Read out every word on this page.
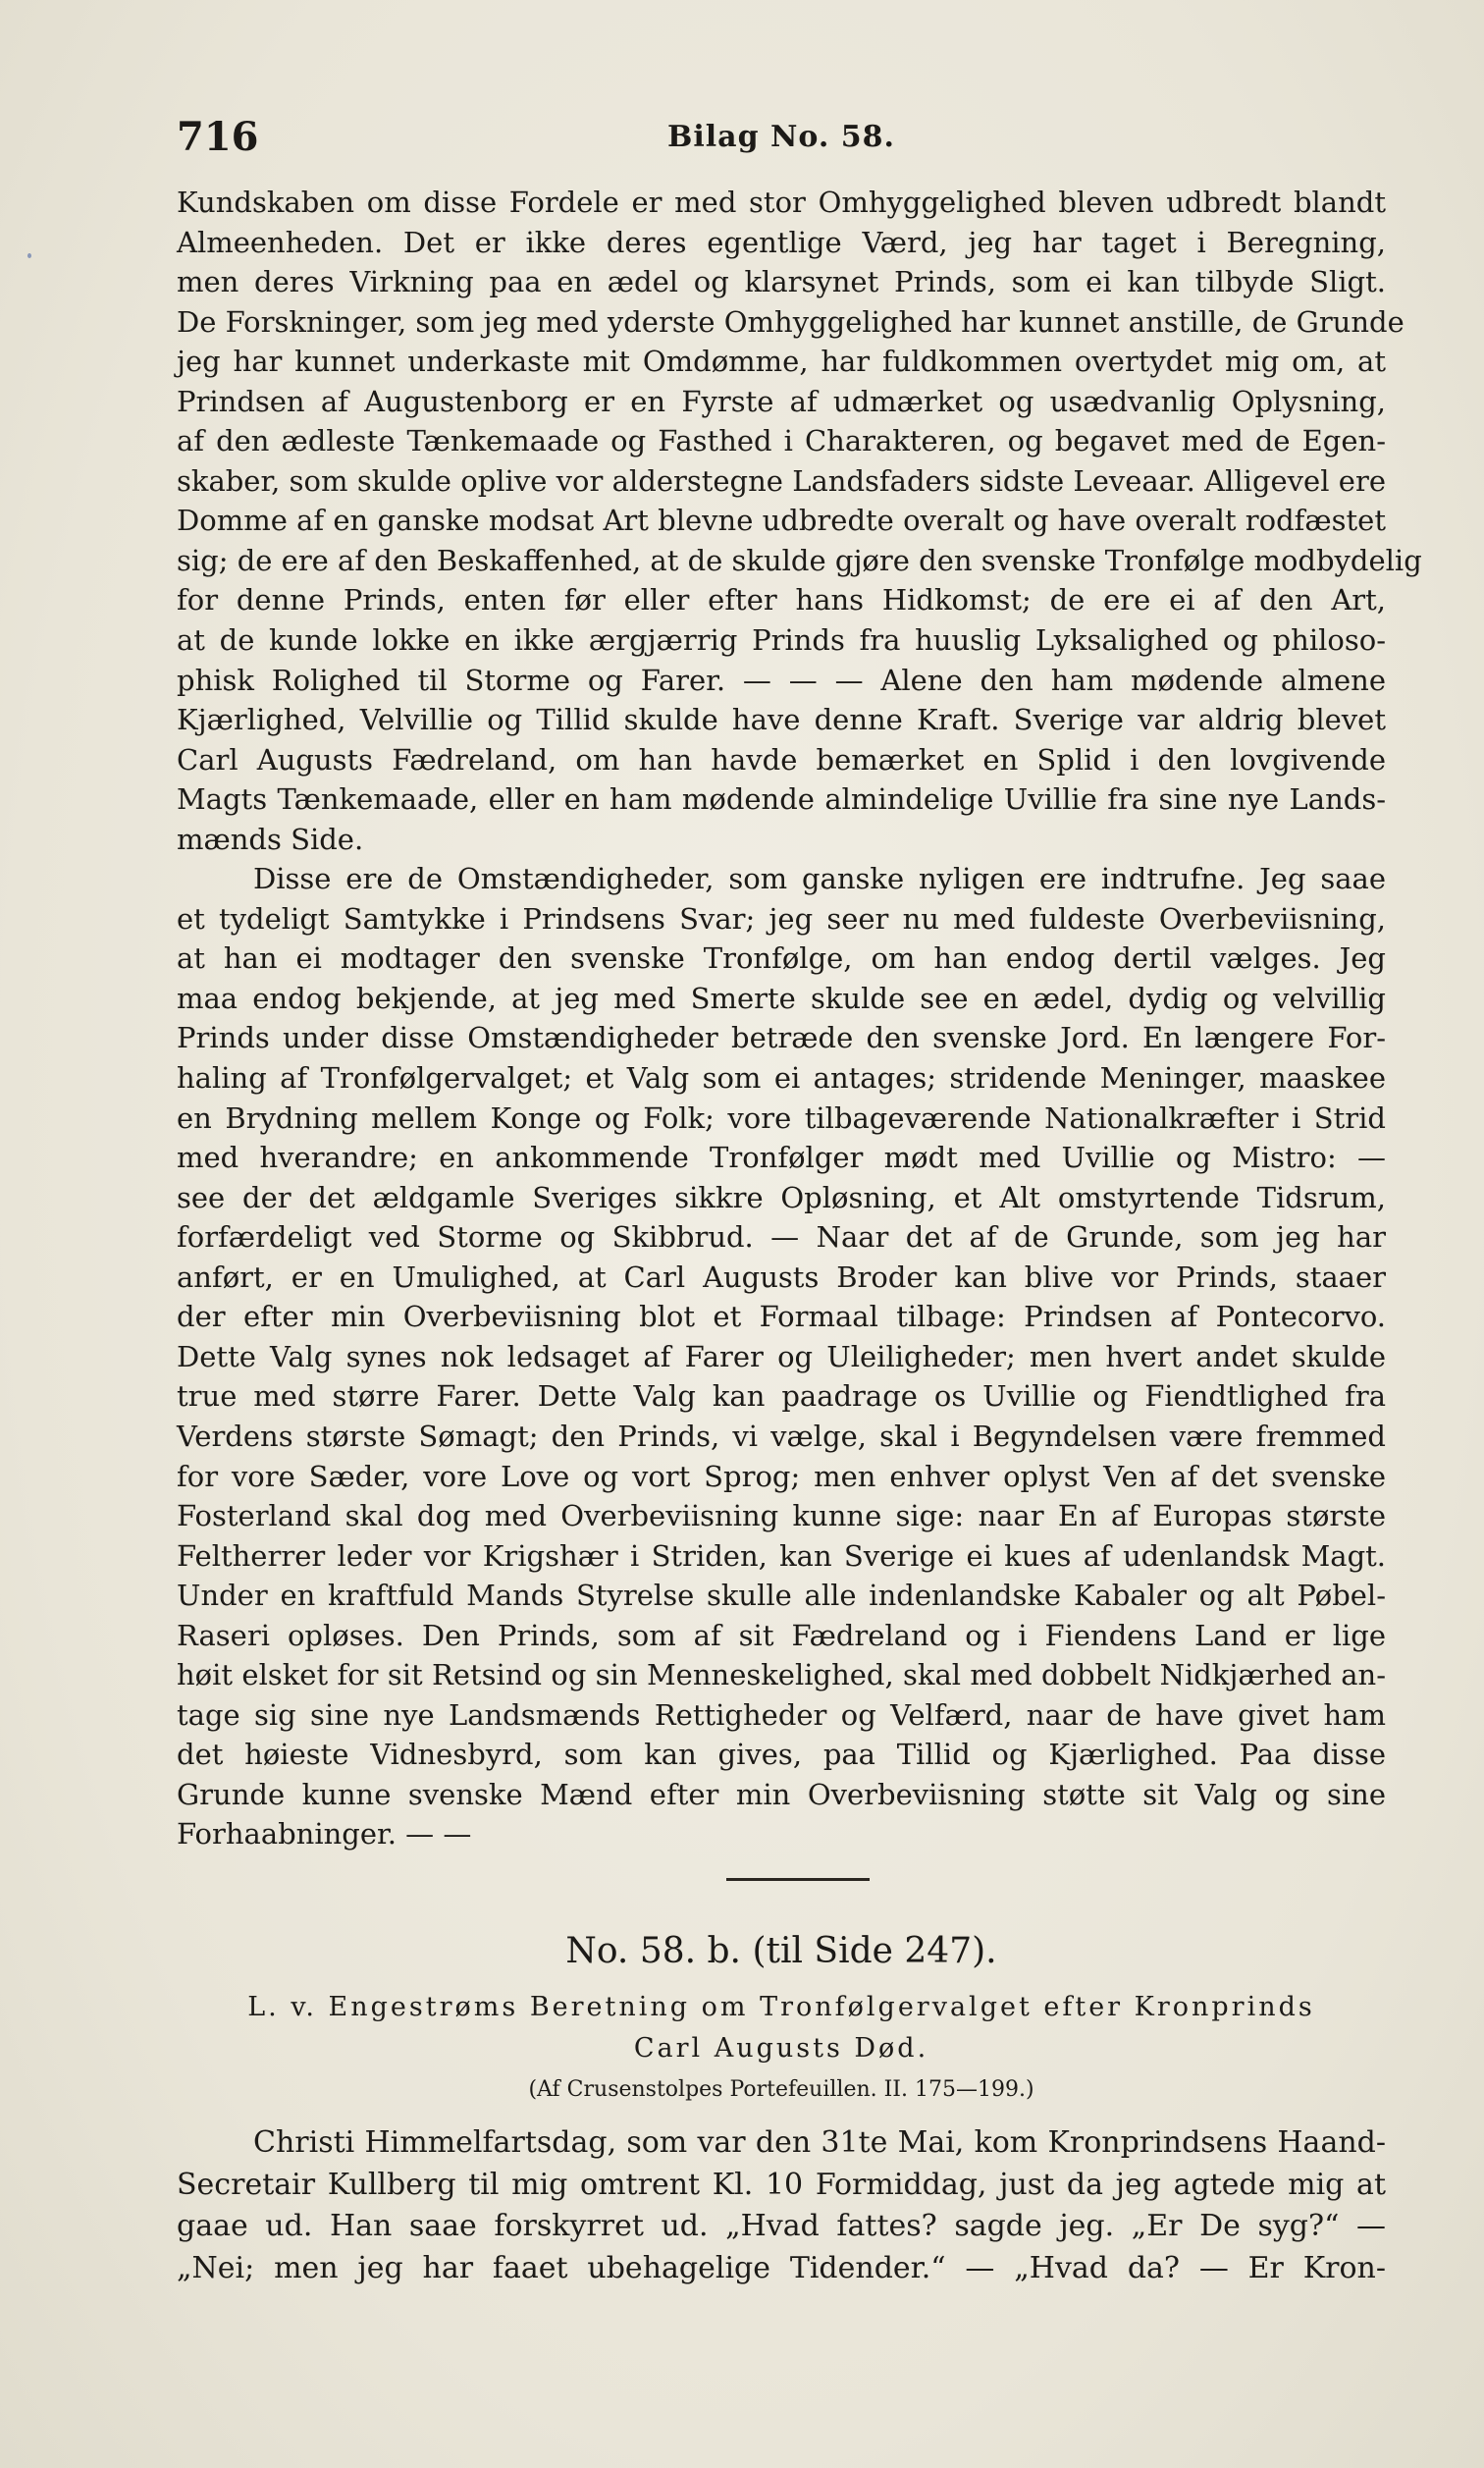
716	Bilag No. 58.
Kundskaben om disse Fordele er med stor Omhyggelighed bleven udbredt blandt
Almeenheden. Det er ikke deres egentlige Værd, jeg har taget i Beregning,
men deres Virkning paa en ædel og klarsynet Prinds, som ei kan tilbyde Sligt.
De Forskninger, som jeg med yderste Omhyggelighed har kunnet anstille, de Grunde
jeg har kunnet underkaste mit Omdømme, har fuldkommen overtydet mig om, at
Prindsen af Augustenborg er en Fyrste af udmærket og usædvanlig Oplysning,
af den ædleste Tænkemaade og Fasthed i Charakteren, og begavet med de Egen-
skaber, som skulde oplive vor alderstegne Landsfaders sidste Leveaar. Alligevel ere
Domme af en ganske modsat Art blevne udbredte overalt og have overalt rodfæstet
sig; de ere af den Beskaffenhed, at de skulde gjøre den svenske Tronfølge modbydelig
for denne Prinds, enten før eller efter hans Hidkomst; de ere ei af den Art,
at de kunde lokke en ikke ærgjærrig Prinds fra huuslig Lyksalighed og philoso-
phisk Rolighed til Storme og Farer. — — — Alene den ham mødende almene
Kjærlighed, Velvillie og Tillid skulde have denne Kraft. Sverige var aldrig blevet
Carl Augusts Fædreland, om han havde bemærket en Splid i den lovgivende
Magts Tænkemaade, eller en ham mødende almindelige Uvillie fra sine nye Lands-
mænds Side.
Disse ere de Omstændigheder, som ganske nyligen ere indtrufne. Jeg saae
et tydeligt Samtykke i Prindsens Svar; jeg seer nu med fuldeste Overbeviisning,
at han ei modtager den svenske Tronfølge, om han endog dertil vælges. Jeg
maa endog bekjende, at jeg med Smerte skulde see en ædel, dydig og velvillig
Prinds under disse Omstændigheder betræde den svenske Jord. En længere For-
haling af Tronfølgervalget; et Valg som ei antages; stridende Meninger, maaskee
en Brydning mellem Konge og Folk; vore tilbageværende Nationalkræfter i Strid
med hverandre; en ankommende Tronfølger mødt med Uvillie og Mistro: —
see der det ældgamle Sveriges sikkre Opløsning, et Alt omstyrtende Tidsrum,
forfærdeligt ved Storme og Skibbrud. — Naar det af de Grunde, som jeg har
anført, er en Umulighed, at Carl Augusts Broder kan blive vor Prinds, staaer
der efter min Overbeviisning blot et Formaal tilbage: Prindsen af Pontecorvo.
Dette Valg synes nok ledsaget af Farer og Uleiligheder; men hvert andet skulde
true med større Farer. Dette Valg kan paadrage os Uvillie og Fiendtlighed fra
Verdens største Sømagt; den Prinds, vi vælge, skal i Begyndelsen være fremmed
for vore Sæder, vore Love og vort Sprog; men enhver oplyst Ven af det svenske
Fosterland skal dog med Overbeviisning kunne sige: naar En af Europas største
Feltherrer leder vor Krigshær i Striden, kan Sverige ei kues af udenlandsk Magt.
Under en kraftfuld Mands Styrelse skulle alle indenlandske Kabaler og alt Pøbel-
Raseri opløses. Den Prinds, som af sit Fædreland og i Fiendens Land er lige
høit elsket for sit Retsind og sin Menneskelighed, skal med dobbelt Nidkjærhed an-
tage sig sine nye Landsmænds Rettigheder og Velfærd, naar de have givet ham
det høieste Vidnesbyrd, som kan gives, paa Tillid og Kjærlighed. Paa disse
Grunde kunne svenske Mænd efter min Overbeviisning støtte sit Valg og sine
Forhaabninger. — —
No. 58. b. (til Side 247).
L. v. Engestrøms Beretning om Tronfølgervalget efter Kronprinds
Carl Augusts Død.
(Af Crusenstolpes Portefeuillen. II. 175—199.)
Christi Himmelfartsdag, som var den 31te Mai, kom Kronprindsens Haand-
Secretair Kullberg til mig omtrent Kl. 10 Formiddag, just da jeg agtede mig at
gaae ud. Han saae forskyrret ud. „Hvad fattes? sagde jeg. „Er De syg?“ —
„Nei; men jeg har faaet ubehagelige Tidender.“ — „Hvad da? — Er Kron-
